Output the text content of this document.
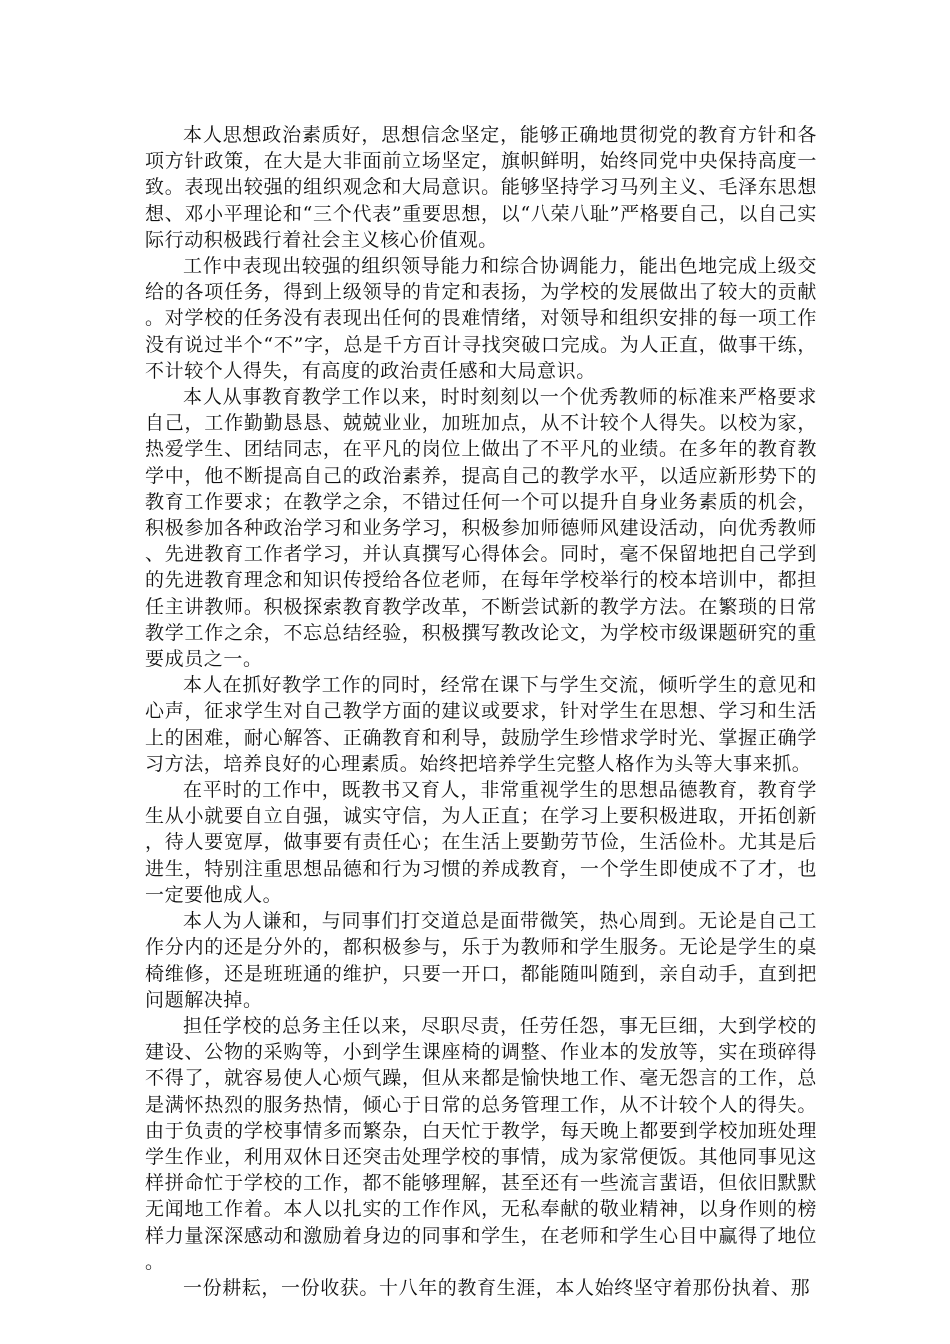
本人思想政治素质好，思想信念坚定，能够正确地贯彻党的教育方针和各项方针政策，在大是大非面前立场坚定，旗帜鲜明，始终同党中央保持高度一致。表现出较强的组织观念和大局意识。能够坚持学习马列主义、毛泽东思想想、邓小平理论和“三个代表”重要思想，以“八荣八耻”严格要自己，以自己实际行动积极践行着社会主义核心价值观。

工作中表现出较强的组织领导能力和综合协调能力，能出色地完成上级交给的各项任务，得到上级领导的肯定和表扬，为学校的发展做出了较大的贡献。对学校的任务没有表现出任何的畏难情绪，对领导和组织安排的每一项工作没有说过半个“不”字，总是千方百计寻找突破口完成。为人正直，做事干练，不计较个人得失，有高度的政治责任感和大局意识。

本人从事教育教学工作以来，时时刻刻以一个优秀教师的标准来严格要求自己，工作勤勤恳恳、兢兢业业，加班加点，从不计较个人得失。以校为家，热爱学生、团结同志，在平凡的岗位上做出了不平凡的业绩。在多年的教育教学中，他不断提高自己的政治素养，提高自己的教学水平，以适应新形势下的教育工作要求；在教学之余，不错过任何一个可以提升自身业务素质的机会，积极参加各种政治学习和业务学习，积极参加师德师风建设活动，向优秀教师、先进教育工作者学习，并认真撰写心得体会。同时，毫不保留地把自己学到的先进教育理念和知识传授给各位老师，在每年学校举行的校本培训中，都担任主讲教师。积极探索教育教学改革，不断尝试新的教学方法。在繁琐的日常教学工作之余，不忘总结经验，积极撰写教改论文，为学校市级课题研究的重要成员之一。

本人在抓好教学工作的同时，经常在课下与学生交流，倾听学生的意见和心声，征求学生对自己教学方面的建议或要求，针对学生在思想、学习和生活上的困难，耐心解答、正确教育和利导，鼓励学生珍惜求学时光、掌握正确学习方法，培养良好的心理素质。始终把培养学生完整人格作为头等大事来抓。

在平时的工作中，既教书又育人，非常重视学生的思想品德教育，教育学生从小就要自立自强，诚实守信，为人正直；在学习上要积极进取，开拓创新，待人要宽厚，做事要有责任心；在生活上要勤劳节俭，生活俭朴。尤其是后进生，特别注重思想品德和行为习惯的养成教育，一个学生即使成不了才，也一定要他成人。

本人为人谦和，与同事们打交道总是面带微笑，热心周到。无论是自己工作分内的还是分外的，都积极参与，乐于为教师和学生服务。无论是学生的桌椅维修，还是班班通的维护，只要一开口，都能随叫随到，亲自动手，直到把问题解决掉。

担任学校的总务主任以来，尽职尽责，任劳任怨，事无巨细，大到学校的建设、公物的采购等，小到学生课座椅的调整、作业本的发放等，实在琐碎得不得了，就容易使人心烦气躁，但从来都是愉快地工作、毫无怨言的工作，总是满怀热烈的服务热情，倾心于日常的总务管理工作，从不计较个人的得失。由于负责的学校事情多而繁杂，白天忙于教学，每天晚上都要到学校加班处理学生作业，利用双休日还突击处理学校的事情，成为家常便饭。其他同事见这样拼命忙于学校的工作，都不能够理解，甚至还有一些流言蜚语，但依旧默默无闻地工作着。本人以扎实的工作作风，无私奉献的敬业精神，以身作则的榜样力量深深感动和激励着身边的同事和学生，在老师和学生心目中赢得了地位。

一份耕耘，一份收获。十八年的教育生涯，本人始终坚守着那份执着、那
